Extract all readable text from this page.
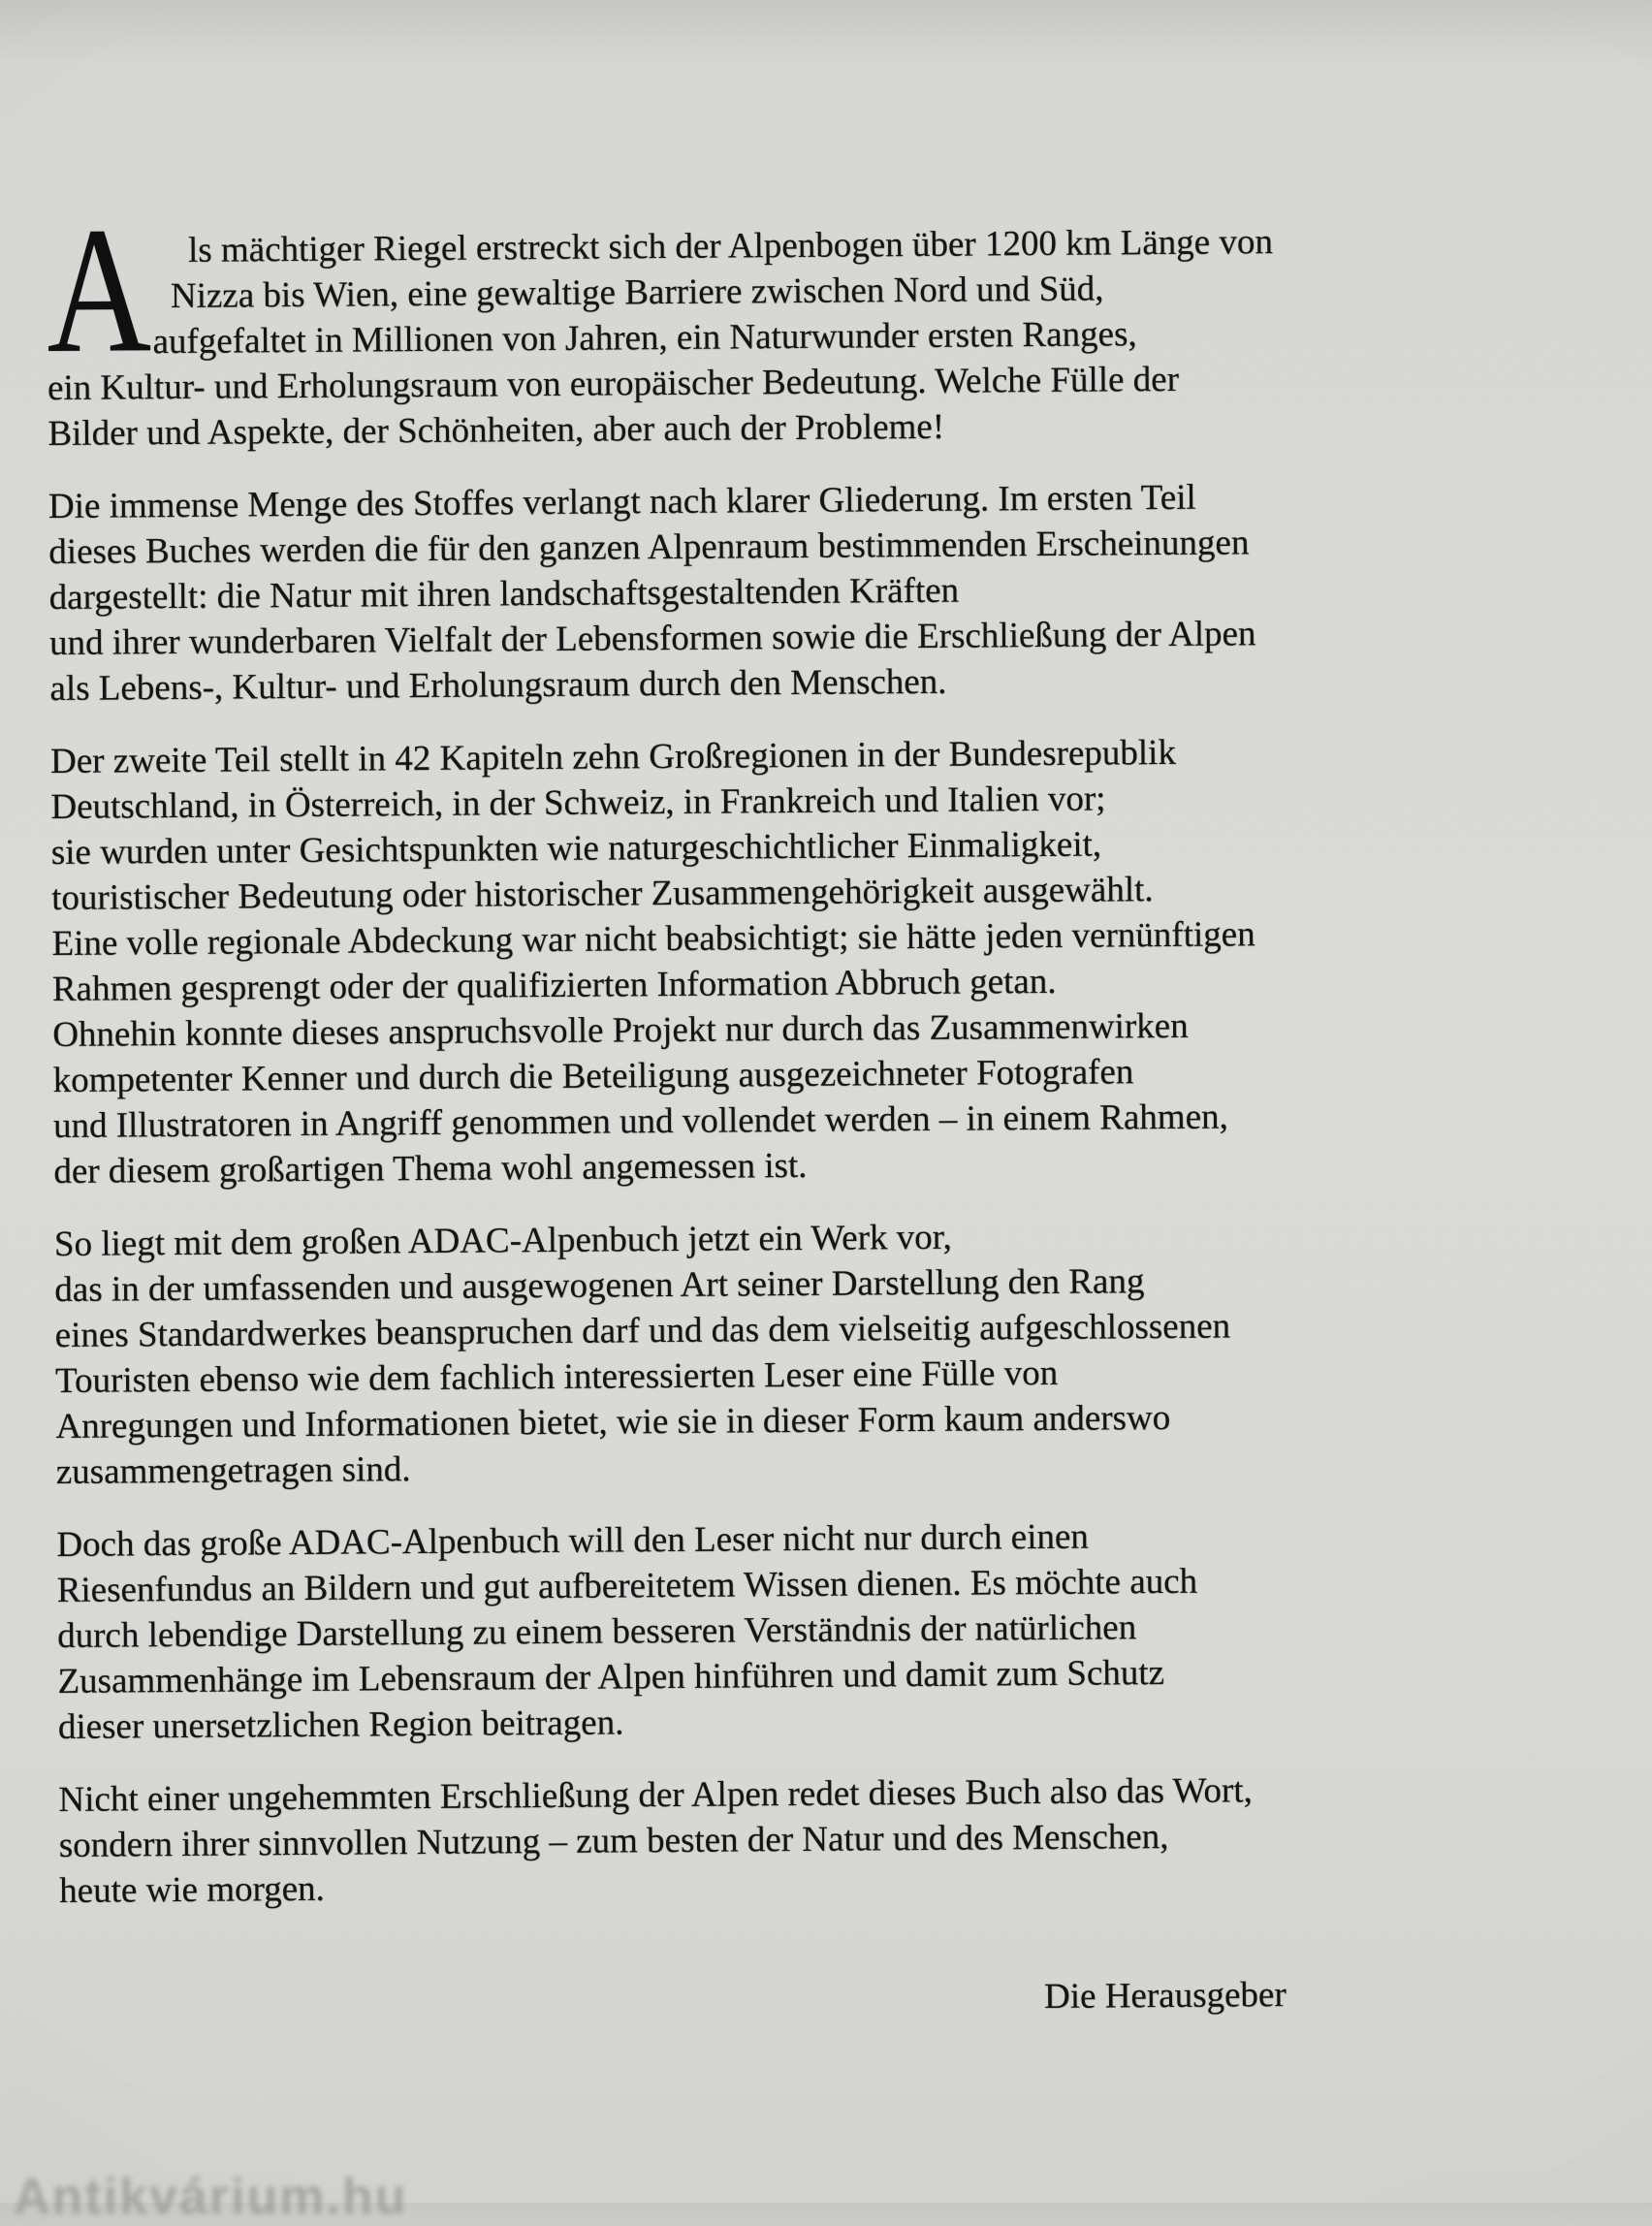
A	ls mächtiger Riegel erstreckt sich der Alpenbogen über 1200 km Länge von
Nizza bis Wien, eine gewaltige Barriere zwischen Nord und Süd,
aufgefaltet in Millionen von Jahren, ein Naturwunder ersten Ranges,
ein Kultur- und Erholungsraum von europäischer Bedeutung. Welche Fülle der
Bilder und Aspekte, der Schönheiten, aber auch der Probleme!
Die immense Menge des Stoffes verlangt nach klarer Gliederung. Im ersten Teil
dieses Buches werden die für den ganzen Alpenraum bestimmenden Erscheinungen
dargestellt: die Natur mit ihren landschaftsgestaltenden Kräften
und ihrer wunderbaren Vielfalt der Lebensformen sowie die Erschließung der Alpen
als Lebens-, Kultur- und Erholungsraum durch den Menschen.
Der zweite Teil stellt in 42 Kapiteln zehn Großregionen in der Bundesrepublik
Deutschland, in Österreich, in der Schweiz, in Frankreich und Italien vor;
sie wurden unter Gesichtspunkten wie naturgeschichtlicher Einmaligkeit,
touristischer Bedeutung oder historischer Zusammengehörigkeit ausgewählt.
Eine volle regionale Abdeckung war nicht beabsichtigt; sie hätte jeden vernünftigen
Rahmen gesprengt oder der qualifizierten Information Abbruch getan.
Ohnehin konnte dieses anspruchsvolle Projekt nur durch das Zusammenwirken
kompetenter Kenner und durch die Beteiligung ausgezeichneter Fotografen
und Illustratoren in Angriff genommen und vollendet werden – in einem Rahmen,
der diesem großartigen Thema wohl angemessen ist.
So liegt mit dem großen ADAC-Alpenbuch jetzt ein Werk vor,
das in der umfassenden und ausgewogenen Art seiner Darstellung den Rang
eines Standardwerkes beanspruchen darf und das dem vielseitig aufgeschlossenen
Touristen ebenso wie dem fachlich interessierten Leser eine Fülle von
Anregungen und Informationen bietet, wie sie in dieser Form kaum anderswo
zusammengetragen sind.
Doch das große ADAC-Alpenbuch will den Leser nicht nur durch einen
Riesenfundus an Bildern und gut aufbereitetem Wissen dienen. Es möchte auch
durch lebendige Darstellung zu einem besseren Verständnis der natürlichen
Zusammenhänge im Lebensraum der Alpen hinführen und damit zum Schutz
dieser unersetzlichen Region beitragen.
Nicht einer ungehemmten Erschließung der Alpen redet dieses Buch also das Wort,
sondern ihrer sinnvollen Nutzung – zum besten der Natur und des Menschen,
heute wie morgen.
Die Herausgeber
Antikvárium.hu
